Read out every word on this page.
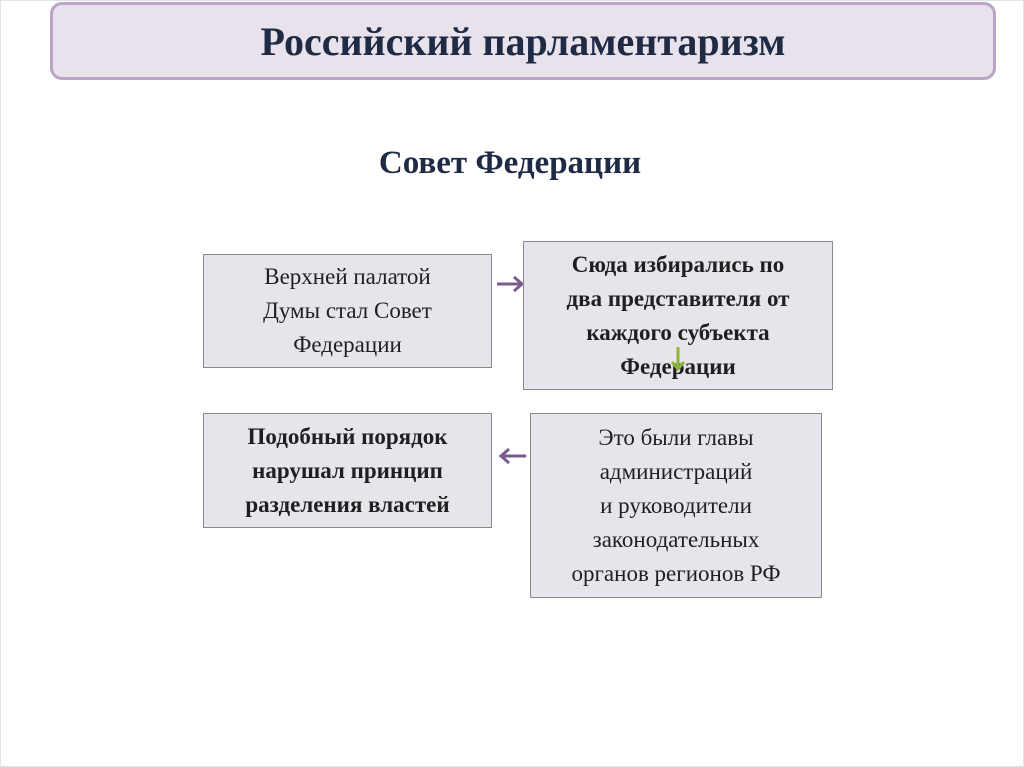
Российский парламентаризм
Совет Федерации
Верхней палатой
Думы стал Совет
Федерации
Сюда избирались по
два представителя от
каждого субъекта
Федерации
Подобный порядок
нарушал принцип
разделения властей
Это были главы
администраций
и руководители
законодательных
органов регионов РФ
